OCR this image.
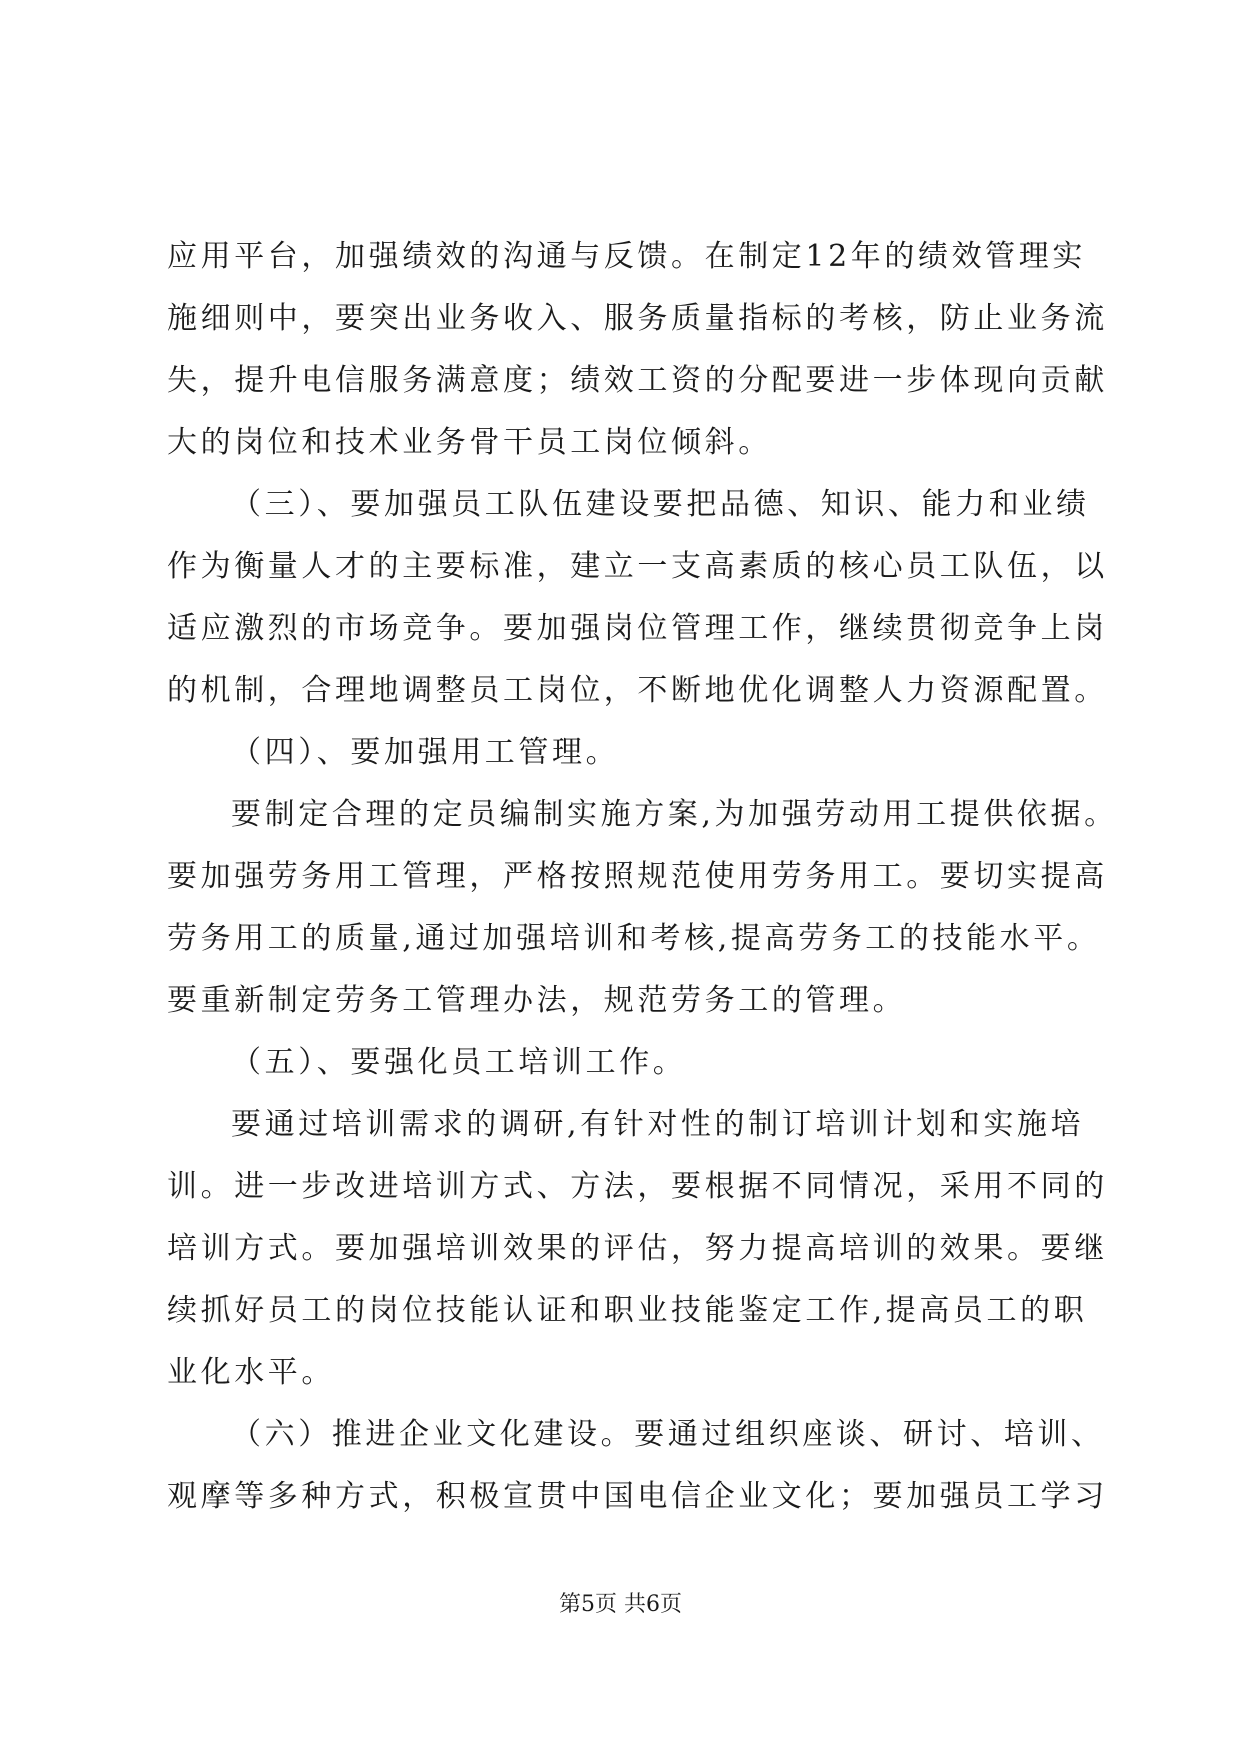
应用平台，加强绩效的沟通与反馈。在制定12年的绩效管理实
施细则中，要突出业务收入、服务质量指标的考核，防止业务流
失，提升电信服务满意度；绩效工资的分配要进一步体现向贡献
大的岗位和技术业务骨干员工岗位倾斜。
（三）、要加强员工队伍建设要把品德、知识、能力和业绩
作为衡量人才的主要标准，建立一支高素质的核心员工队伍，以
适应激烈的市场竞争。要加强岗位管理工作，继续贯彻竞争上岗
的机制，合理地调整员工岗位，不断地优化调整人力资源配置。
（四）、要加强用工管理。
要制定合理的定员编制实施方案,为加强劳动用工提供依据。
要加强劳务用工管理，严格按照规范使用劳务用工。要切实提高
劳务用工的质量,通过加强培训和考核,提高劳务工的技能水平。
要重新制定劳务工管理办法，规范劳务工的管理。
（五）、要强化员工培训工作。
要通过培训需求的调研,有针对性的制订培训计划和实施培
训。进一步改进培训方式、方法，要根据不同情况，采用不同的
培训方式。要加强培训效果的评估，努力提高培训的效果。要继
续抓好员工的岗位技能认证和职业技能鉴定工作,提高员工的职
业化水平。
（六）推进企业文化建设。要通过组织座谈、研讨、培训、
观摩等多种方式，积极宣贯中国电信企业文化；要加强员工学习
第5页 共6页
